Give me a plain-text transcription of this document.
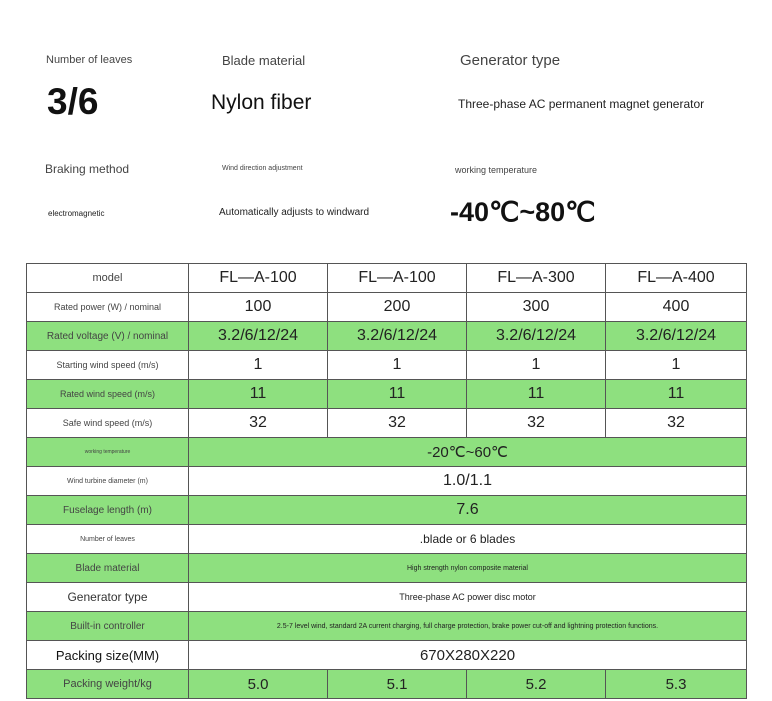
Number of leaves
3/6
Blade material
Nylon fiber
Generator type
Three-phase AC permanent magnet generator
Braking method
electromagnetic
Wind direction adjustment
Automatically adjusts to windward
working temperature
-40℃~80℃
model	FL—A-100	FL—A-100	FL—A-300	FL—A-400
Rated power (W) / nominal	100	200	300	400
Rated voltage (V) / nominal	3.2/6/12/24	3.2/6/12/24	3.2/6/12/24	3.2/6/12/24
Starting wind speed (m/s)	1	1	1	1
Rated wind speed (m/s)	11	11	11	11
Safe wind speed (m/s)	32	32	32	32
working temperature	-20℃~60℃			
Wind turbine diameter (m)	1.0/1.1			
Fuselage length (m)	7.6			
Number of leaves	.blade or 6 blades			
Blade material	High strength nylon composite material			
Generator type	Three-phase AC power disc motor			
Built-in controller	2.5-7 level wind, standard 2A current charging, full charge protection, brake power cut-off and lightning protection functions.			
Packing size(MM)	670X280X220			
Packing weight/kg	5.0	5.1	5.2	5.3
